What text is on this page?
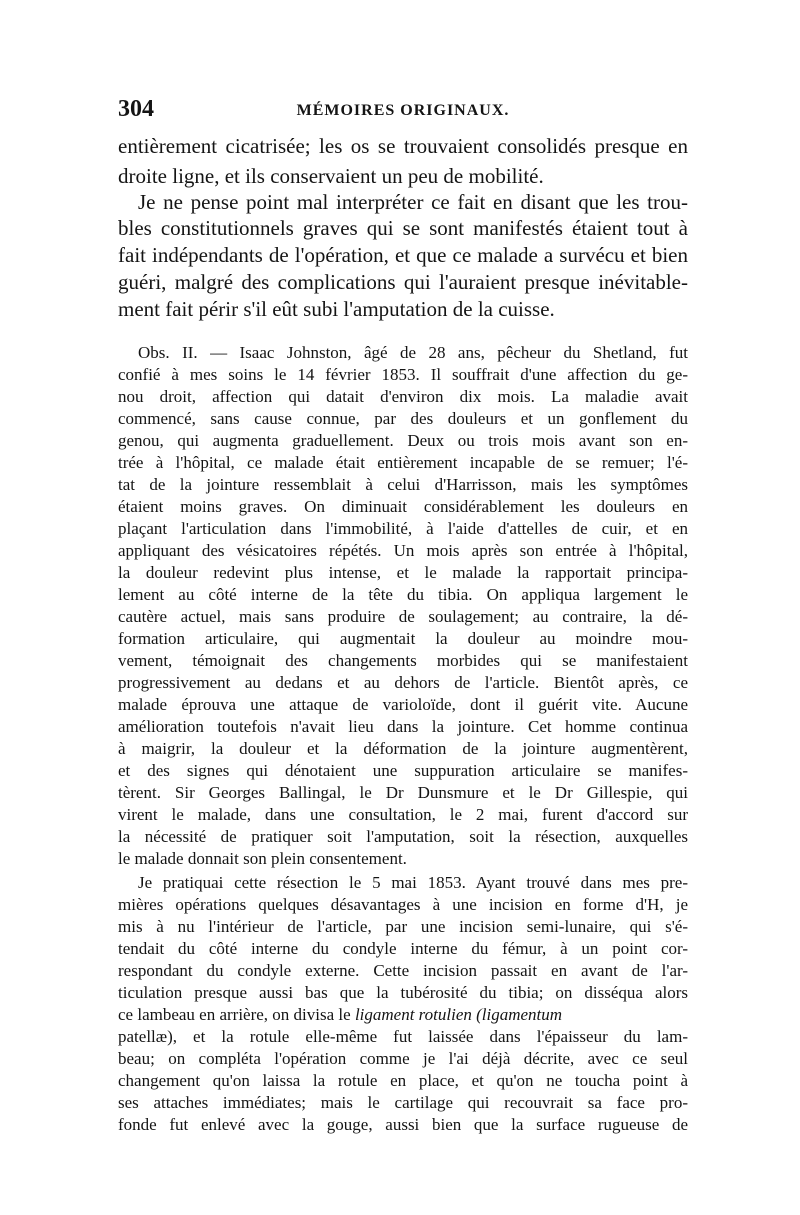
304	MÉMOIRES ORIGINAUX.
entièrement cicatrisée; les os se trouvaient consolidés presque en
droite ligne, et ils conservaient un peu de mobilité.
Je ne pense point mal interpréter ce fait en disant que les trou-
bles constitutionnels graves qui se sont manifestés étaient tout à
fait indépendants de l'opération, et que ce malade a survécu et bien
guéri, malgré des complications qui l'auraient presque inévitable-
ment fait périr s'il eût subi l'amputation de la cuisse.
Obs. II. — Isaac Johnston, âgé de 28 ans, pêcheur du Shetland, fut
confié à mes soins le 14 février 1853. Il souffrait d'une affection du ge-
nou droit, affection qui datait d'environ dix mois. La maladie avait
commencé, sans cause connue, par des douleurs et un gonflement du
genou, qui augmenta graduellement. Deux ou trois mois avant son en-
trée à l'hôpital, ce malade était entièrement incapable de se remuer; l'é-
tat de la jointure ressemblait à celui d'Harrisson, mais les symptômes
étaient moins graves. On diminuait considérablement les douleurs en
plaçant l'articulation dans l'immobilité, à l'aide d'attelles de cuir, et en
appliquant des vésicatoires répétés. Un mois après son entrée à l'hôpital,
la douleur redevint plus intense, et le malade la rapportait principa-
lement au côté interne de la tête du tibia. On appliqua largement le
cautère actuel, mais sans produire de soulagement; au contraire, la dé-
formation articulaire, qui augmentait la douleur au moindre mou-
vement, témoignait des changements morbides qui se manifestaient
progressivement au dedans et au dehors de l'article. Bientôt après, ce
malade éprouva une attaque de varioloïde, dont il guérit vite. Aucune
amélioration toutefois n'avait lieu dans la jointure. Cet homme continua
à maigrir, la douleur et la déformation de la jointure augmentèrent,
et des signes qui dénotaient une suppuration articulaire se manifes-
tèrent. Sir Georges Ballingal, le Dr Dunsmure et le Dr Gillespie, qui
virent le malade, dans une consultation, le 2 mai, furent d'accord sur
la nécessité de pratiquer soit l'amputation, soit la résection, auxquelles
le malade donnait son plein consentement.
Je pratiquai cette résection le 5 mai 1853. Ayant trouvé dans mes pre-
mières opérations quelques désavantages à une incision en forme d'H, je
mis à nu l'intérieur de l'article, par une incision semi-lunaire, qui s'é-
tendait du côté interne du condyle interne du fémur, à un point cor-
respondant du condyle externe. Cette incision passait en avant de l'ar-
ticulation presque aussi bas que la tubérosité du tibia; on disséqua alors
ce lambeau en arrière, on divisa le ligament rotulien (ligamentum
patellæ), et la rotule elle-même fut laissée dans l'épaisseur du lam-
beau; on compléta l'opération comme je l'ai déjà décrite, avec ce seul
changement qu'on laissa la rotule en place, et qu'on ne toucha point à
ses attaches immédiates; mais le cartilage qui recouvrait sa face pro-
fonde fut enlevé avec la gouge, aussi bien que la surface rugueuse de
